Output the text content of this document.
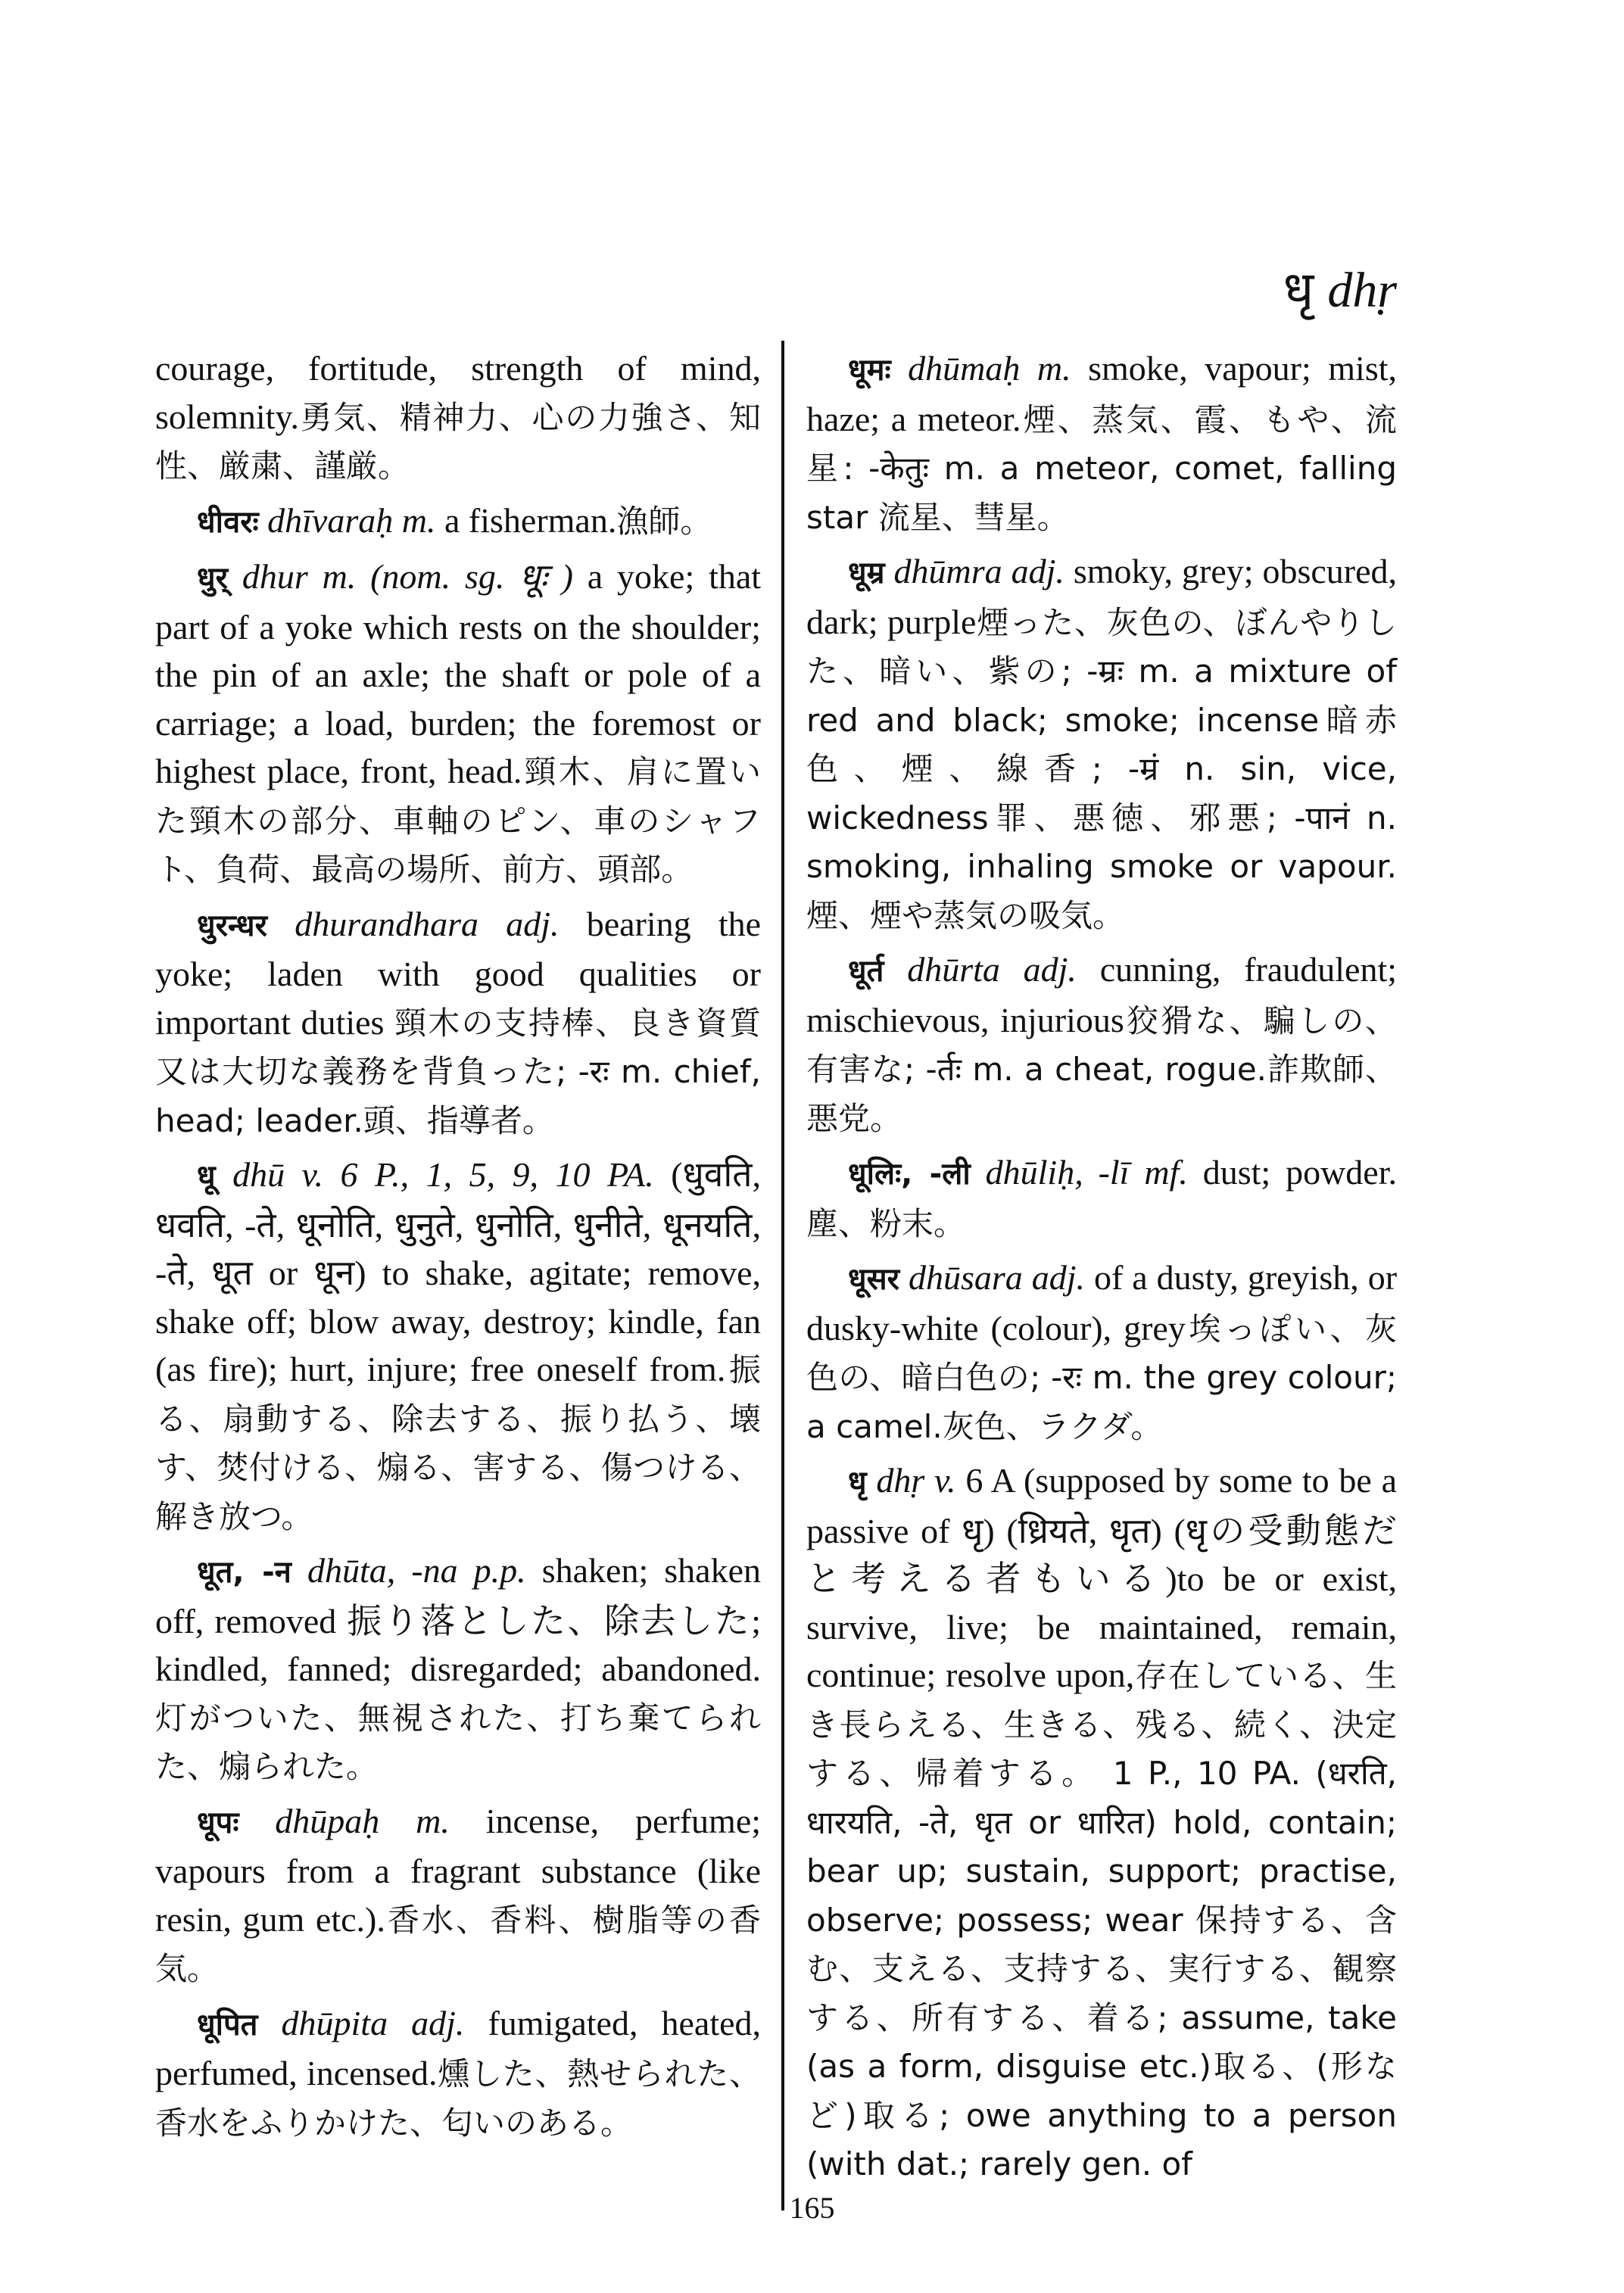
धृ dhṛ

courage, fortitude, strength of mind, solemnity.勇気、精神力、心の力強さ、知性、厳粛、謹厳。

धीवरः dhīvaraḥ m. a fisherman.漁師。

धुर् dhur m. (nom. sg. धूः ) a yoke; that part of a yoke which rests on the shoulder; the pin of an axle; the shaft or pole of a carriage; a load, burden; the foremost or highest place, front, head.頸木、肩に置いた頸木の部分、車軸のピン、車のシャフト、負荷、最高の場所、前方、頭部。

धुरन्धर dhurandhara adj. bearing the yoke; laden with good qualities or important duties 頸木の支持棒、良き資質又は大切な義務を背負った; -रः m. chief, head; leader.頭、指導者。

धू dhū v. 6 P., 1, 5, 9, 10 PA. (धुवति, धवति, -ते, धूनोति, धुनुते, धुनोति, धुनीते, धूनयति, -ते, धूत or धून) to shake, agitate; remove, shake off; blow away, destroy; kindle, fan (as fire); hurt, injure; free oneself from.振る、扇動する、除去する、振り払う、壊す、焚付ける、煽る、害する、傷つける、解き放つ。

धूत, -न dhūta, -na p.p. shaken; shaken off, removed 振り落とした、除去した; kindled, fanned; disregarded; abandoned.灯がついた、無視された、打ち棄てられた、煽られた。

धूपः dhūpaḥ m. incense, perfume; vapours from a fragrant substance (like resin, gum etc.).香水、香料、樹脂等の香気。

धूपित dhūpita adj. fumigated, heated, perfumed, incensed.燻した、熱せられた、香水をふりかけた、匂いのある。

धूमः dhūmaḥ m. smoke, vapour; mist, haze; a meteor.煙、蒸気、霞、もや、流星: -केतुः m. a meteor, comet, falling star 流星、彗星。

धूम्र dhūmra adj. smoky, grey; obscured, dark; purple煙った、灰色の、ぼんやりした、暗い、紫の; -म्रः m. a mixture of red and black; smoke; incense暗赤色、煙、線香; -म्रं n. sin, vice, wickedness罪、悪徳、邪悪; -पानं n. smoking, inhaling smoke or vapour.煙、煙や蒸気の吸気。

धूर्त dhūrta adj. cunning, fraudulent; mischievous, injurious狡猾な、騙しの、有害な; -र्तः m. a cheat, rogue.詐欺師、悪党。

धूलिः, -ली dhūliḥ, -lī mf. dust; powder. 塵、粉末。

धूसर dhūsara adj. of a dusty, greyish, or dusky-white (colour), grey埃っぽい、灰色の、暗白色の; -रः m. the grey colour; a camel.灰色、ラクダ。

धृ dhṛ v. 6 A (supposed by some to be a passive of धृ) (ध्रियते, धृत) (धृの受動態だと考える者もいる)to be or exist, survive, live; be maintained, remain, continue; resolve upon,存在している、生き長らえる、生きる、残る、続く、決定する、帰着する。 1 P., 10 PA. (धरति, धारयति, -ते, धृत or धारित) hold, contain; bear up; sustain, support; practise, observe; possess; wear 保持する、含む、支える、支持する、実行する、観察する、所有する、着る; assume, take (as a form, disguise etc.)取る、(形など)取る; owe anything to a person (with dat.; rarely gen. of

165
